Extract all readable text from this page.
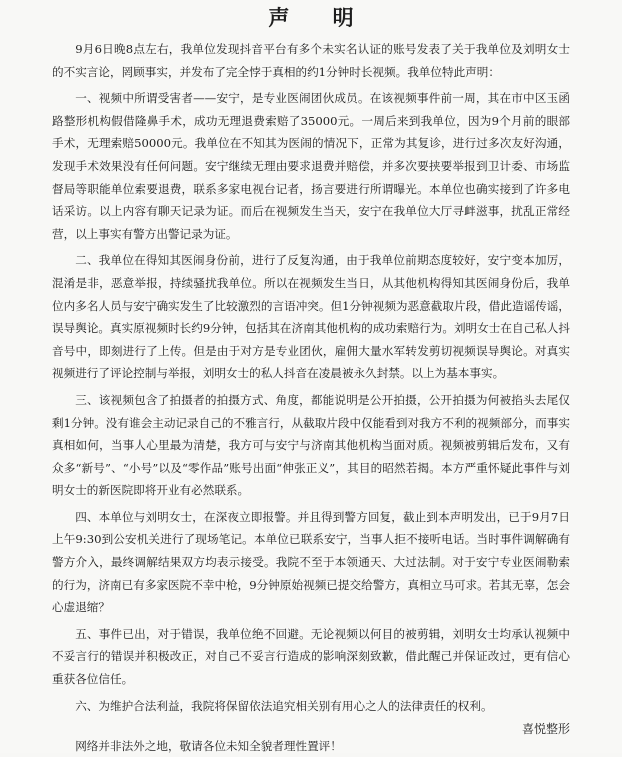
声 明

9月6日晚8点左右，我单位发现抖音平台有多个未实名认证的账号发表了关于我单位及刘明女士的不实言论，罔顾事实，并发布了完全悖于真相的约1分钟时长视频。我单位特此声明：

一、视频中所谓受害者——安宁，是专业医闹团伙成员。在该视频事件前一周，其在市中区玉函路整形机构假借隆鼻手术，成功无理退费索赔了35000元。一周后来到我单位，因为9个月前的眼部手术，无理索赔50000元。我单位在不知其为医闹的情况下，正常为其复诊，进行过多次友好沟通，发现手术效果没有任何问题。安宁继续无理由要求退费并赔偿，并多次要挟要举报到卫计委、市场监督局等职能单位索要退费，联系多家电视台记者，扬言要进行所谓曝光。本单位也确实接到了许多电话采访。以上内容有聊天记录为证。而后在视频发生当天，安宁在我单位大厅寻衅滋事，扰乱正常经营，以上事实有警方出警记录为证。

二、我单位在得知其医闹身份前，进行了反复沟通，由于我单位前期态度较好，安宁变本加厉，混淆是非，恶意举报，持续骚扰我单位。所以在视频发生当日，从其他机构得知其医闹身份后，我单位内多名人员与安宁确实发生了比较激烈的言语冲突。但1分钟视频为恶意截取片段，借此造谣传谣，误导舆论。真实原视频时长约9分钟，包括其在济南其他机构的成功索赔行为。刘明女士在自己私人抖音号中，即刻进行了上传。但是由于对方是专业团伙，雇佣大量水军转发剪切视频误导舆论。对真实视频进行了评论控制与举报，刘明女士的私人抖音在凌晨被永久封禁。以上为基本事实。

三、该视频包含了拍摄者的拍摄方式、角度，都能说明是公开拍摄，公开拍摄为何被掐头去尾仅剩1分钟。没有谁会主动记录自己的不雅言行，从截取片段中仅能看到对我方不利的视频部分，而事实真相如何，当事人心里最为清楚，我方可与安宁与济南其他机构当面对质。视频被剪辑后发布，又有众多“新号”、“小号”以及“零作品”账号出面“伸张正义”，其目的昭然若揭。本方严重怀疑此事件与刘明女士的新医院即将开业有必然联系。

四、本单位与刘明女士，在深夜立即报警。并且得到警方回复，截止到本声明发出，已于9月7日上午9:30到公安机关进行了现场笔记。本单位已联系安宁，当事人拒不接听电话。当时事件调解确有警方介入，最终调解结果双方均表示接受。我院不至于本领通天、大过法制。对于安宁专业医闹勒索的行为，济南已有多家医院不幸中枪，9分钟原始视频已提交给警方，真相立马可求。若其无辜，怎会心虚退缩？

五、事件已出，对于错误，我单位绝不回避。无论视频以何目的被剪辑，刘明女士均承认视频中不妥言行的错误并积极改正，对自己不妥言行造成的影响深刻致歉，借此醒己并保证改过，更有信心重获各位信任。

六、为维护合法利益，我院将保留依法追究相关别有用心之人的法律责任的权利。

网络并非法外之地，敬请各位未知全貌者理性置评！

喜悦整形
